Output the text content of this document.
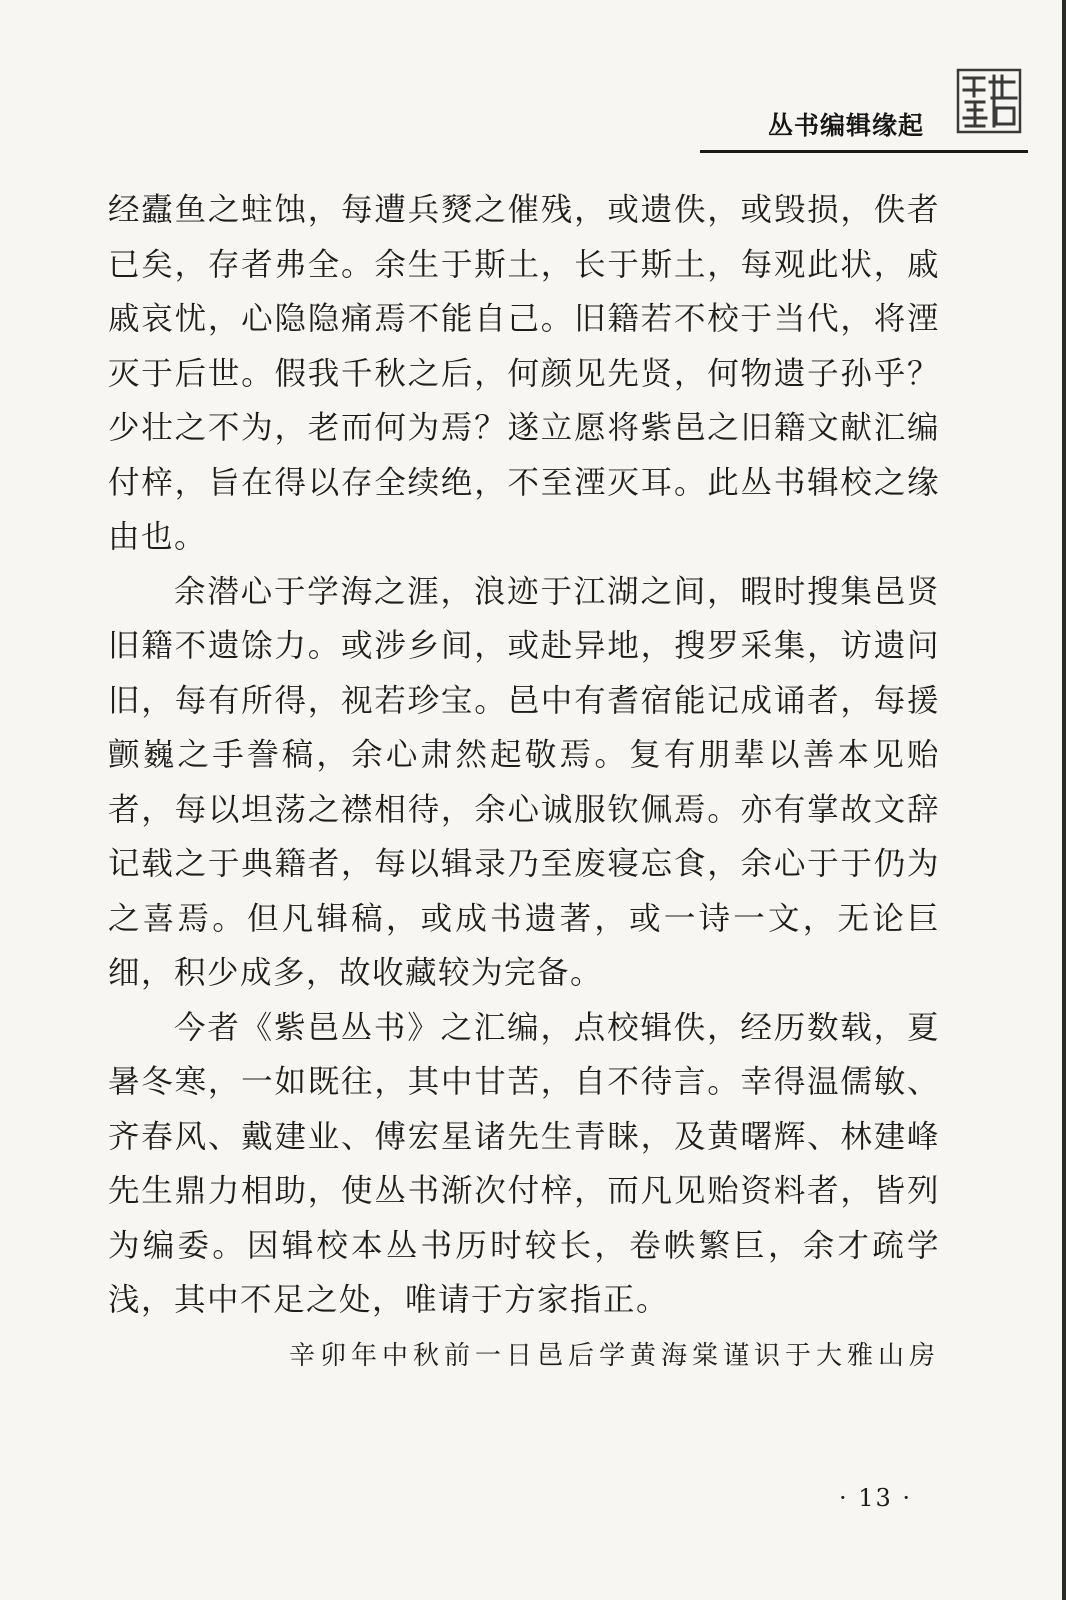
丛书编辑缘起

经蠹鱼之蛀蚀，每遭兵燹之催残，或遗佚，或毁损，佚者已矣，存者弗全。余生于斯土，长于斯土，每观此状，戚戚哀忧，心隐隐痛焉不能自己。旧籍若不校于当代，将湮灭于后世。假我千秋之后，何颜见先贤，何物遗子孙乎？少壮之不为，老而何为焉？遂立愿将紫邑之旧籍文献汇编付梓，旨在得以存全续绝，不至湮灭耳。此丛书辑校之缘由也。

余潜心于学海之涯，浪迹于江湖之间，暇时搜集邑贤旧籍不遗馀力。或涉乡间，或赴异地，搜罗采集，访遗问旧，每有所得，视若珍宝。邑中有耆宿能记成诵者，每援颤巍之手誊稿，余心肃然起敬焉。复有朋辈以善本见贻者，每以坦荡之襟相待，余心诚服钦佩焉。亦有掌故文辞记载之于典籍者，每以辑录乃至废寝忘食，余心于于仍为之喜焉。但凡辑稿，或成书遗著，或一诗一文，无论巨细，积少成多，故收藏较为完备。

今者《紫邑丛书》之汇编，点校辑佚，经历数载，夏暑冬寒，一如既往，其中甘苦，自不待言。幸得温儒敏、齐春风、戴建业、傅宏星诸先生青睐，及黄曙辉、林建峰先生鼎力相助，使丛书渐次付梓，而凡见贻资料者，皆列为编委。因辑校本丛书历时较长，卷帙繁巨，余才疏学浅，其中不足之处，唯请于方家指正。

辛卯年中秋前一日邑后学黄海棠谨识于大雅山房

· 13 ·
